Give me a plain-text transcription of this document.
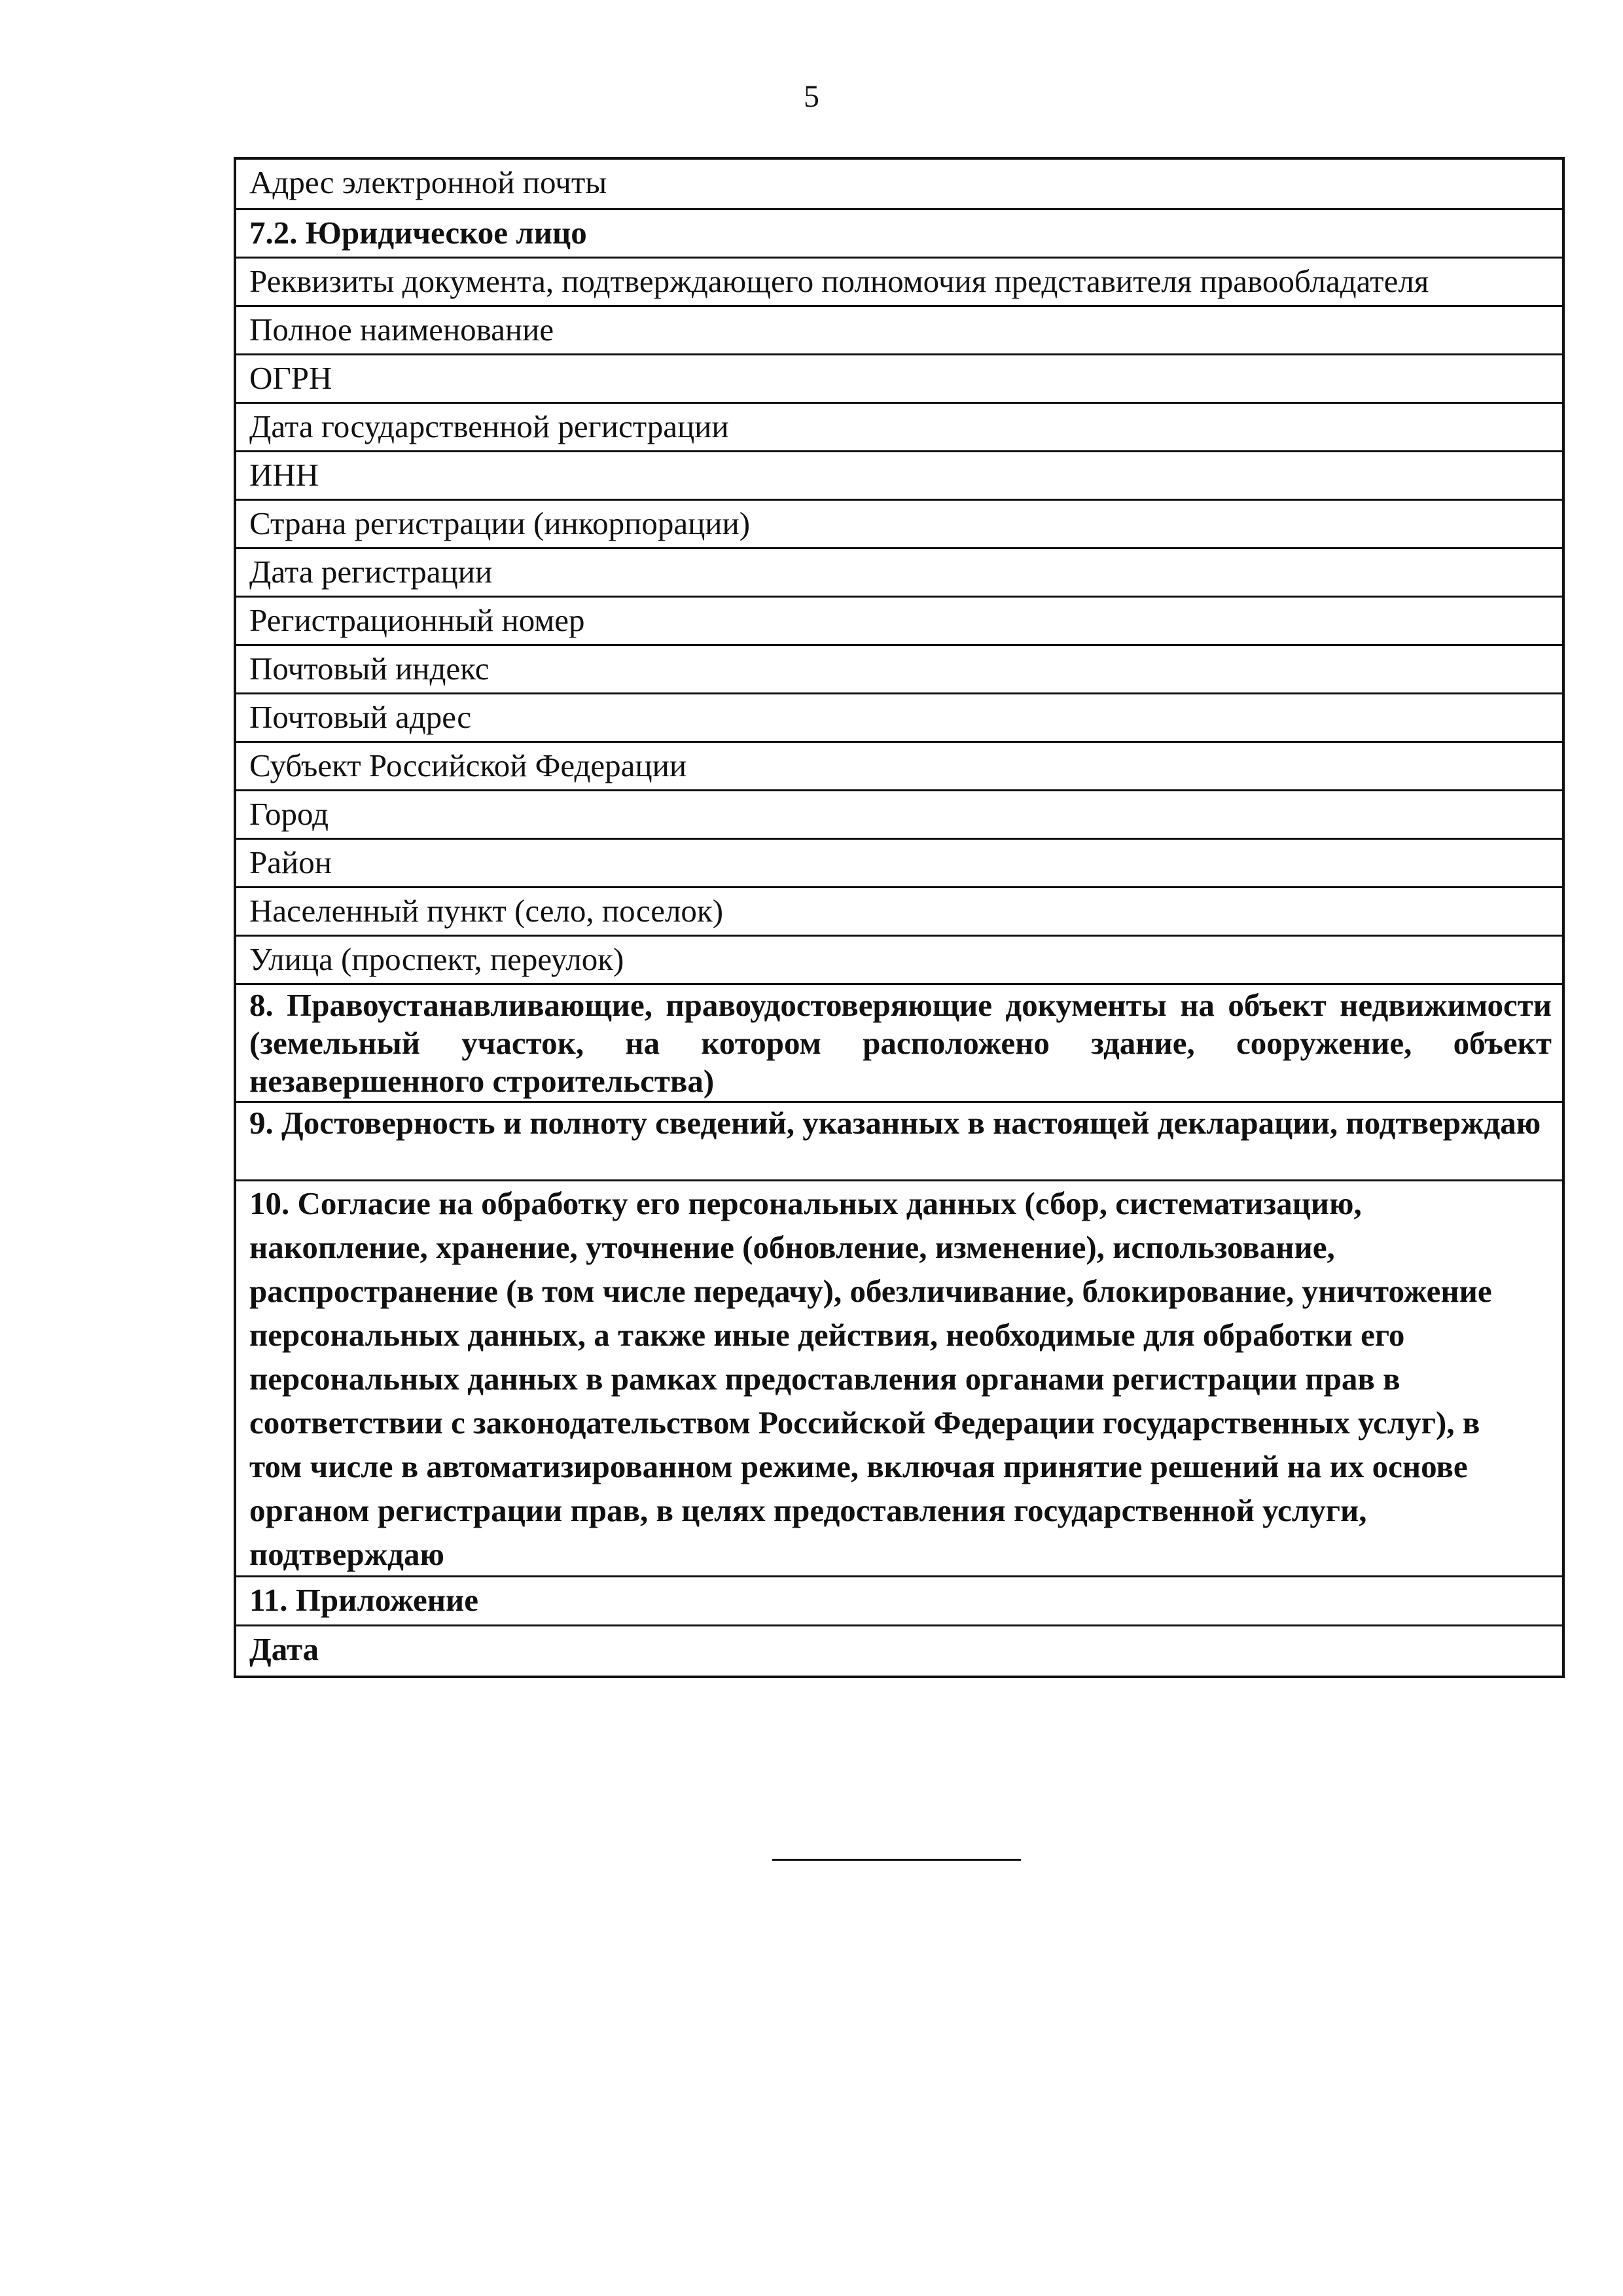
5
Адрес электронной почты
7.2. Юридическое лицо
Реквизиты документа, подтверждающего полномочия представителя правообладателя
Полное наименование
ОГРН
Дата государственной регистрации
ИНН
Страна регистрации (инкорпорации)
Дата регистрации
Регистрационный номер
Почтовый индекс
Почтовый адрес
Субъект Российской Федерации
Город
Район
Населенный пункт (село, поселок)
Улица (проспект, переулок)
8. Правоустанавливающие, правоудостоверяющие документы на объект недвижимости (земельный участок, на котором расположено здание, сооружение, объект незавершенного строительства)
9. Достоверность и полноту сведений, указанных в настоящей декларации, подтверждаю
10. Согласие на обработку его персональных данных (сбор, систематизацию,
накопление, хранение, уточнение (обновление, изменение), использование,
распространение (в том числе передачу), обезличивание, блокирование, уничтожение
персональных данных, а также иные действия, необходимые для обработки его
персональных данных в рамках предоставления органами регистрации прав в
соответствии с законодательством Российской Федерации государственных услуг), в
том числе в автоматизированном режиме, включая принятие решений на их основе
органом регистрации прав, в целях предоставления государственной услуги,
подтверждаю
11. Приложение
Дата
